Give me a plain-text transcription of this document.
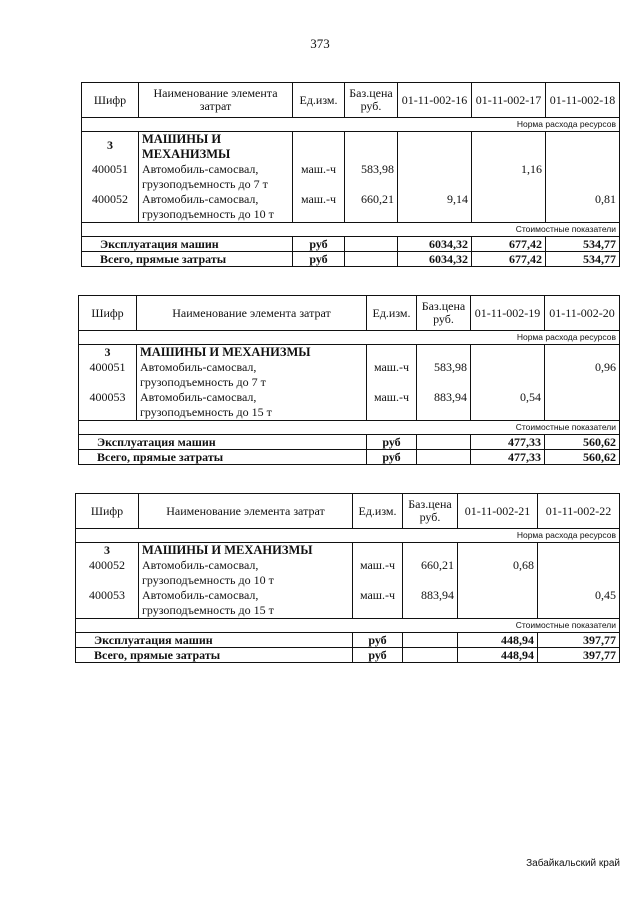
373
Шифр	Наименование элемента затрат	Ед.изм.	Баз.цена руб.	01-11-002-16	01-11-002-17	01-11-002-18
Норма расхода ресурсов						
3	МАШИНЫ И МЕХАНИЗМЫ					
400051	Автомобиль-самосвал,
грузоподъемность до 7 т	маш.-ч	583,98		1,16	
400052	Автомобиль-самосвал,
грузоподъемность до 10 т	маш.-ч	660,21	9,14		0,81
Стоимостные показатели						
Эксплуатация машин		руб		6034,32	677,42	534,77
Всего, прямые затраты		руб		6034,32	677,42	534,77
Шифр	Наименование элемента затрат	Ед.изм.	Баз.цена руб.	01-11-002-19	01-11-002-20
Норма расхода ресурсов					
3	МАШИНЫ И МЕХАНИЗМЫ				
400051	Автомобиль-самосвал,
грузоподъемность до 7 т	маш.-ч	583,98		0,96
400053	Автомобиль-самосвал,
грузоподъемность до 15 т	маш.-ч	883,94	0,54	
Стоимостные показатели					
Эксплуатация машин		руб		477,33	560,62
Всего, прямые затраты		руб		477,33	560,62
Шифр	Наименование элемента затрат	Ед.изм.	Баз.цена руб.	01-11-002-21	01-11-002-22
Норма расхода ресурсов					
3	МАШИНЫ И МЕХАНИЗМЫ				
400052	Автомобиль-самосвал,
грузоподъемность до 10 т	маш.-ч	660,21	0,68	
400053	Автомобиль-самосвал,
грузоподъемность до 15 т	маш.-ч	883,94		0,45
Стоимостные показатели					
Эксплуатация машин		руб		448,94	397,77
Всего, прямые затраты		руб		448,94	397,77
Забайкальский край
